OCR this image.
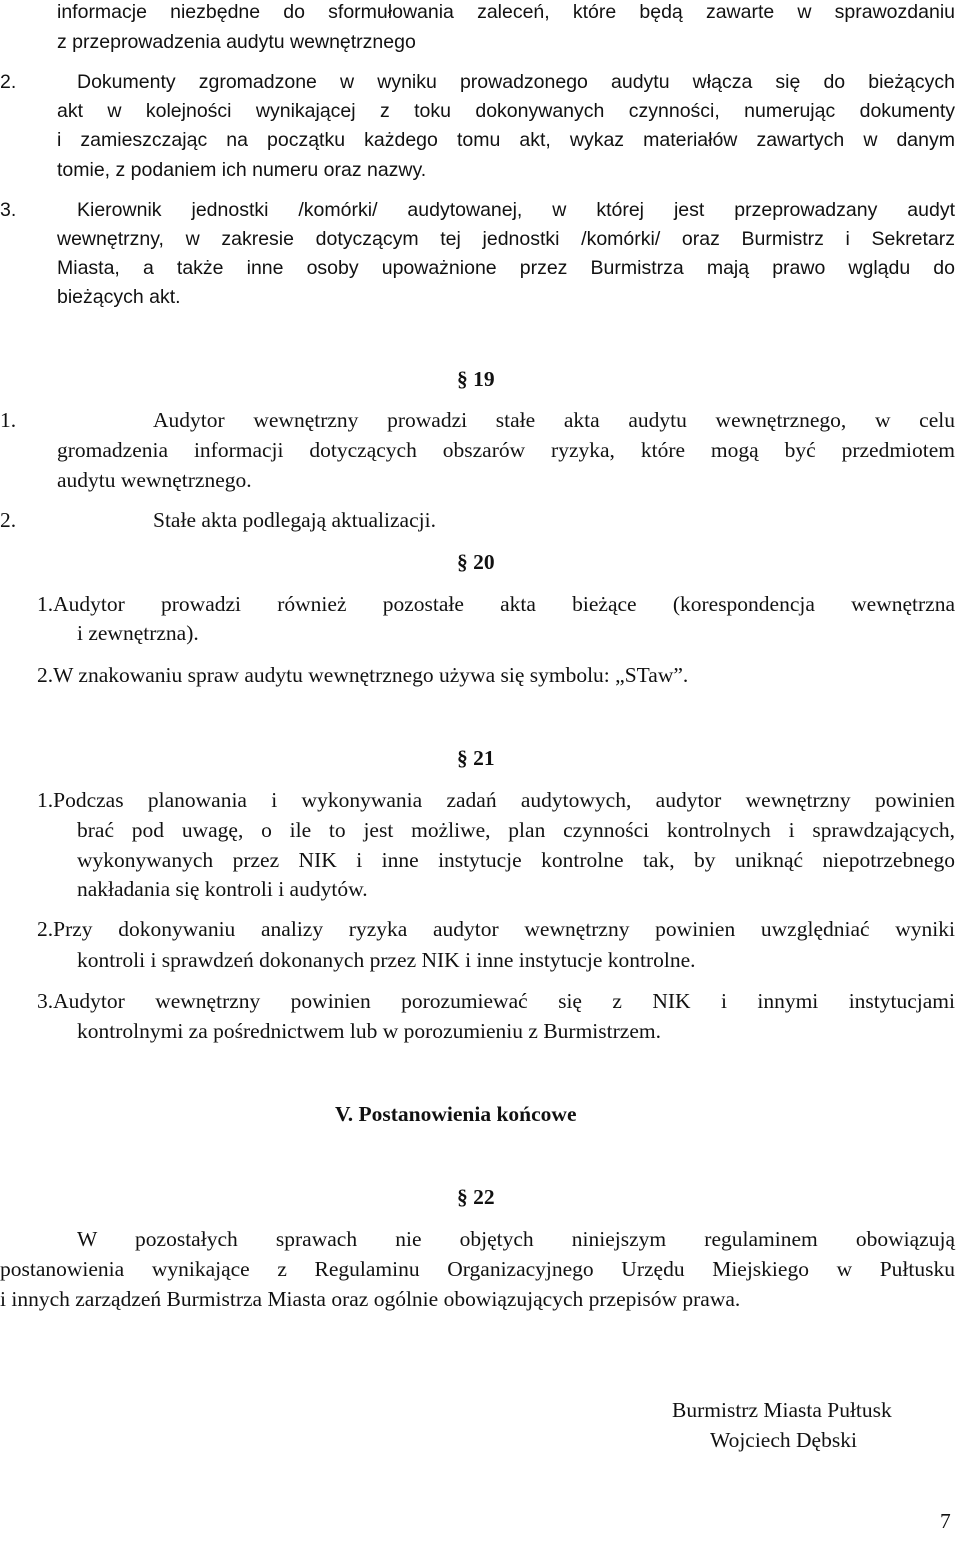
informacje niezbędne do sformułowania zaleceń, które będą zawarte w sprawozdaniu
z przeprowadzenia audytu wewnętrznego
2.	Dokumenty zgromadzone w wyniku prowadzonego audytu włącza się do bieżących
akt w kolejności wynikającej z toku dokonywanych czynności, numerując dokumenty
i zamieszczając na początku każdego tomu akt, wykaz materiałów zawartych w danym
tomie, z podaniem ich numeru oraz nazwy.
3.	Kierownik jednostki /komórki/ audytowanej, w której jest przeprowadzany audyt
wewnętrzny, w zakresie dotyczącym tej jednostki /komórki/ oraz Burmistrz i Sekretarz
Miasta, a także inne osoby upoważnione przez Burmistrza mają prawo wglądu do
bieżących akt.
§ 19
1.	Audytor wewnętrzny prowadzi stałe akta audytu wewnętrznego, w celu
gromadzenia informacji dotyczących obszarów ryzyka, które mogą być przedmiotem
audytu wewnętrznego.
2.	Stałe akta podlegają aktualizacji.
§ 20
1.Audytor prowadzi również pozostałe akta bieżące (korespondencja wewnętrzna
i zewnętrzna).
2.W znakowaniu spraw audytu wewnętrznego używa się symbolu: „STaw”.
§ 21
1.Podczas planowania i wykonywania zadań audytowych, audytor wewnętrzny powinien
brać pod uwagę, o ile to jest możliwe, plan czynności kontrolnych i sprawdzających,
wykonywanych przez NIK i inne instytucje kontrolne tak, by uniknąć niepotrzebnego
nakładania się kontroli i audytów.
2.Przy dokonywaniu analizy ryzyka audytor wewnętrzny powinien uwzględniać wyniki
kontroli i sprawdzeń dokonanych przez NIK i inne instytucje kontrolne.
3.Audytor wewnętrzny powinien porozumiewać się z NIK i innymi instytucjami
kontrolnymi za pośrednictwem lub w porozumieniu z Burmistrzem.
V. Postanowienia końcowe
§ 22
W pozostałych sprawach nie objętych niniejszym regulaminem obowiązują
postanowienia wynikające z Regulaminu Organizacyjnego Urzędu Miejskiego w Pułtusku
i innych zarządzeń Burmistrza Miasta oraz ogólnie obowiązujących przepisów prawa.
Burmistrz Miasta Pułtusk
Wojciech Dębski
7
